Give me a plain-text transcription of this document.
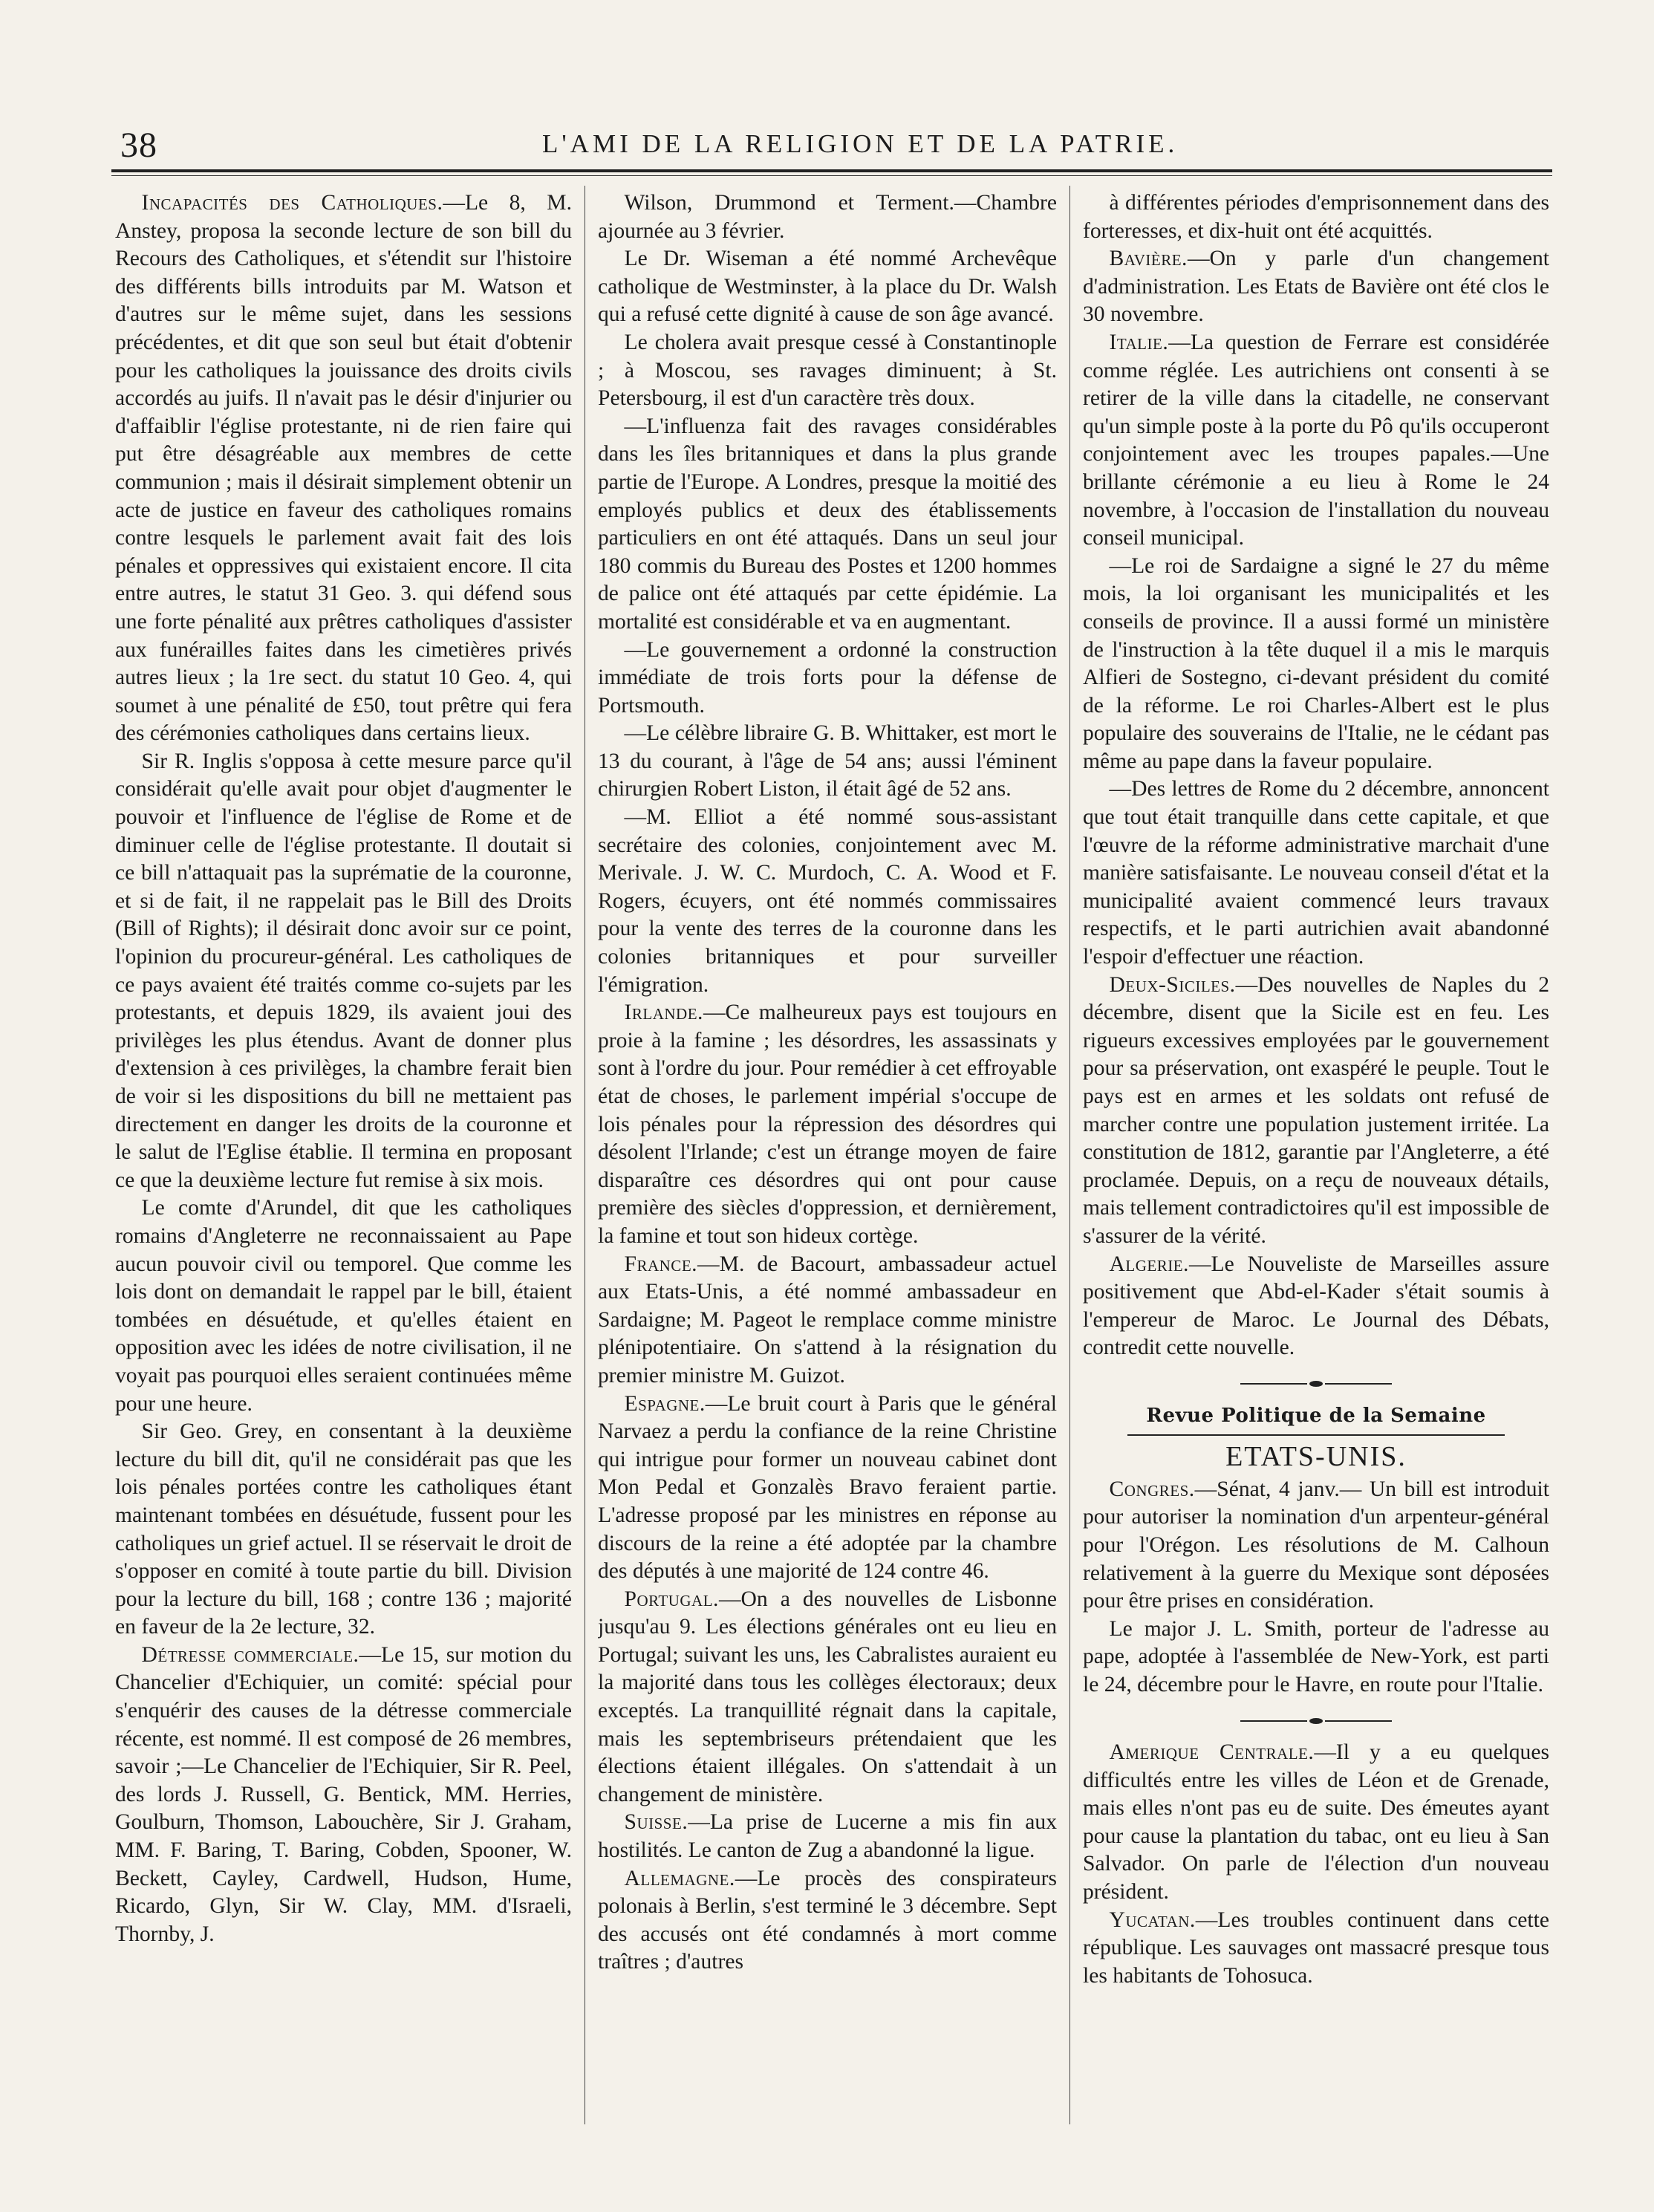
38	L'AMI DE LA RELIGION ET DE LA PATRIE.

Incapacités des Catholiques.—Le 8, M. Anstey, proposa la seconde lecture de son bill du Recours des Catholiques, et s'étendit sur l'histoire des différents bills introduits par M. Watson et d'autres sur le même sujet, dans les sessions précédentes, et dit que son seul but était d'obtenir pour les catholiques la jouissance des droits civils accordés au juifs. Il n'avait pas le désir d'injurier ou d'affaiblir l'église protestante, ni de rien faire qui put être désagréable aux membres de cette communion ; mais il désirait simplement obtenir un acte de justice en faveur des catholiques romains contre lesquels le parlement avait fait des lois pénales et oppressives qui existaient encore. Il cita entre autres, le statut 31 Geo. 3. qui défend sous une forte pénalité aux prêtres catholiques d'assister aux funérailles faites dans les cimetières privés autres lieux ; la 1re sect. du statut 10 Geo. 4, qui soumet à une pénalité de £50, tout prêtre qui fera des cérémonies catholiques dans certains lieux.

Sir R. Inglis s'opposa à cette mesure parce qu'il considérait qu'elle avait pour objet d'augmenter le pouvoir et l'influence de l'église de Rome et de diminuer celle de l'église protestante. Il doutait si ce bill n'attaquait pas la suprématie de la couronne, et si de fait, il ne rappelait pas le Bill des Droits (Bill of Rights); il désirait donc avoir sur ce point, l'opinion du procureur-général. Les catholiques de ce pays avaient été traités comme co-sujets par les protestants, et depuis 1829, ils avaient joui des privilèges les plus étendus. Avant de donner plus d'extension à ces privilèges, la chambre ferait bien de voir si les dispositions du bill ne mettaient pas directement en danger les droits de la couronne et le salut de l'Eglise établie. Il termina en proposant ce que la deuxième lecture fut remise à six mois.

Le comte d'Arundel, dit que les catholiques romains d'Angleterre ne reconnaissaient au Pape aucun pouvoir civil ou temporel. Que comme les lois dont on demandait le rappel par le bill, étaient tombées en désuétude, et qu'elles étaient en opposition avec les idées de notre civilisation, il ne voyait pas pourquoi elles seraient continuées même pour une heure.

Sir Geo. Grey, en consentant à la deuxième lecture du bill dit, qu'il ne considérait pas que les lois pénales portées contre les catholiques étant maintenant tombées en désuétude, fussent pour les catholiques un grief actuel. Il se réservait le droit de s'opposer en comité à toute partie du bill. Division pour la lecture du bill, 168 ; contre 136 ; majorité en faveur de la 2e lecture, 32.

Détresse commerciale.—Le 15, sur motion du Chancelier d'Echiquier, un comité: spécial pour s'enquérir des causes de la détresse commerciale récente, est nommé. Il est composé de 26 membres, savoir ;—Le Chancelier de l'Echiquier, Sir R. Peel, des lords J. Russell, G. Bentick, MM. Herries, Goulburn, Thomson, Labouchère, Sir J. Graham, MM. F. Baring, T. Baring, Cobden, Spooner, W. Beckett, Cayley, Cardwell, Hudson, Hume, Ricardo, Glyn, Sir W. Clay, MM. d'Israeli, Thornby, J.

Wilson, Drummond et Terment.—Chambre ajournée au 3 février.

Le Dr. Wiseman a été nommé Archevêque catholique de Westminster, à la place du Dr. Walsh qui a refusé cette dignité à cause de son âge avancé.

Le cholera avait presque cessé à Constantinople ; à Moscou, ses ravages diminuent; à St. Petersbourg, il est d'un caractère très doux.

—L'influenza fait des ravages considérables dans les îles britanniques et dans la plus grande partie de l'Europe. A Londres, presque la moitié des employés publics et deux des établissements particuliers en ont été attaqués. Dans un seul jour 180 commis du Bureau des Postes et 1200 hommes de palice ont été attaqués par cette épidémie. La mortalité est considérable et va en augmentant.

—Le gouvernement a ordonné la construction immédiate de trois forts pour la défense de Portsmouth.

—Le célèbre libraire G. B. Whittaker, est mort le 13 du courant, à l'âge de 54 ans; aussi l'éminent chirurgien Robert Liston, il était âgé de 52 ans.

—M. Elliot a été nommé sous-assistant secrétaire des colonies, conjointement avec M. Merivale. J. W. C. Murdoch, C. A. Wood et F. Rogers, écuyers, ont été nommés commissaires pour la vente des terres de la couronne dans les colonies britanniques et pour surveiller l'émigration.

Irlande.—Ce malheureux pays est toujours en proie à la famine ; les désordres, les assassinats y sont à l'ordre du jour. Pour remédier à cet effroyable état de choses, le parlement impérial s'occupe de lois pénales pour la répression des désordres qui désolent l'Irlande; c'est un étrange moyen de faire disparaître ces désordres qui ont pour cause première des siècles d'oppression, et dernièrement, la famine et tout son hideux cortège.

France.—M. de Bacourt, ambassadeur actuel aux Etats-Unis, a été nommé ambassadeur en Sardaigne; M. Pageot le remplace comme ministre plénipotentiaire. On s'attend à la résignation du premier ministre M. Guizot.

Espagne.—Le bruit court à Paris que le général Narvaez a perdu la confiance de la reine Christine qui intrigue pour former un nouveau cabinet dont Mon Pedal et Gonzalès Bravo feraient partie. L'adresse proposé par les ministres en réponse au discours de la reine a été adoptée par la chambre des députés à une majorité de 124 contre 46.

Portugal.—On a des nouvelles de Lisbonne jusqu'au 9. Les élections générales ont eu lieu en Portugal; suivant les uns, les Cabralistes auraient eu la majorité dans tous les collèges électoraux; deux exceptés. La tranquillité régnait dans la capitale, mais les septembriseurs prétendaient que les élections étaient illégales. On s'attendait à un changement de ministère.

Suisse.—La prise de Lucerne a mis fin aux hostilités. Le canton de Zug a abandonné la ligue.

Allemagne.—Le procès des conspirateurs polonais à Berlin, s'est terminé le 3 décembre. Sept des accusés ont été condamnés à mort comme traîtres ; d'autres

à différentes périodes d'emprisonnement dans des forteresses, et dix-huit ont été acquittés.

Bavière.—On y parle d'un changement d'administration. Les Etats de Bavière ont été clos le 30 novembre.

Italie.—La question de Ferrare est considérée comme réglée. Les autrichiens ont consenti à se retirer de la ville dans la citadelle, ne conservant qu'un simple poste à la porte du Pô qu'ils occuperont conjointement avec les troupes papales.—Une brillante cérémonie a eu lieu à Rome le 24 novembre, à l'occasion de l'installation du nouveau conseil municipal.

—Le roi de Sardaigne a signé le 27 du même mois, la loi organisant les municipalités et les conseils de province. Il a aussi formé un ministère de l'instruction à la tête duquel il a mis le marquis Alfieri de Sostegno, ci-devant président du comité de la réforme. Le roi Charles-Albert est le plus populaire des souverains de l'Italie, ne le cédant pas même au pape dans la faveur populaire.

—Des lettres de Rome du 2 décembre, annoncent que tout était tranquille dans cette capitale, et que l'œuvre de la réforme administrative marchait d'une manière satisfaisante. Le nouveau conseil d'état et la municipalité avaient commencé leurs travaux respectifs, et le parti autrichien avait abandonné l'espoir d'effectuer une réaction.

Deux-Siciles.—Des nouvelles de Naples du 2 décembre, disent que la Sicile est en feu. Les rigueurs excessives employées par le gouvernement pour sa préservation, ont exaspéré le peuple. Tout le pays est en armes et les soldats ont refusé de marcher contre une population justement irritée. La constitution de 1812, garantie par l'Angleterre, a été proclamée. Depuis, on a reçu de nouveaux détails, mais tellement contradictoires qu'il est impossible de s'assurer de la vérité.

Algerie.—Le Nouveliste de Marseilles assure positivement que Abd-el-Kader s'était soumis à l'empereur de Maroc. Le Journal des Débats, contredit cette nouvelle.

Revue Politique de la Semaine
ETATS-UNIS.

Congres.—Sénat, 4 janv.— Un bill est introduit pour autoriser la nomination d'un arpenteur-général pour l'Orégon. Les résolutions de M. Calhoun relativement à la guerre du Mexique sont déposées pour être prises en considération.

Le major J. L. Smith, porteur de l'adresse au pape, adoptée à l'assemblée de New-York, est parti le 24, décembre pour le Havre, en route pour l'Italie.

Amerique Centrale.—Il y a eu quelques difficultés entre les villes de Léon et de Grenade, mais elles n'ont pas eu de suite. Des émeutes ayant pour cause la plantation du tabac, ont eu lieu à San Salvador. On parle de l'élection d'un nouveau président.

Yucatan.—Les troubles continuent dans cette république. Les sauvages ont massacré presque tous les habitants de Tohosuca.
